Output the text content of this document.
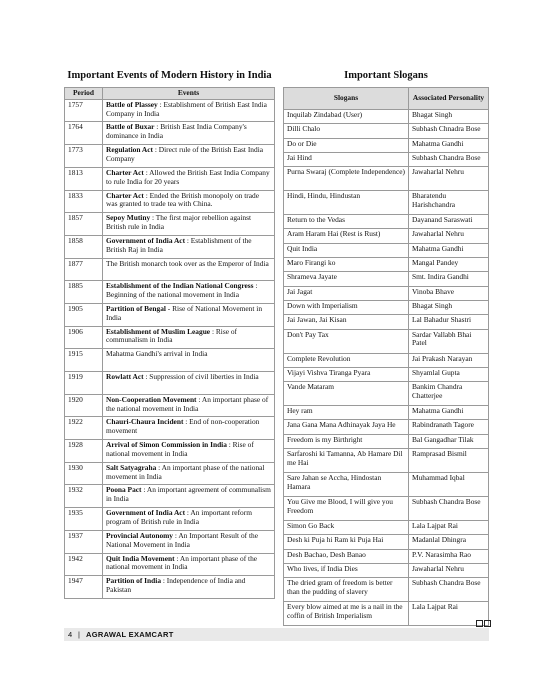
Important Events of Modern History in India
Period	Events
1757	Battle of Plassey : Establishment of British East India Company in India
1764	Battle of Buxar : British East India Company's dominance in India
1773	Regulation Act : Direct rule of the British East India Company
1813	Charter Act : Allowed the British East India Company to rule India for 20 years
1833	Charter Act : Ended the British monopoly on trade was granted to trade tea with China.
1857	Sepoy Mutiny : The first major rebellion against British rule in India
1858	Government of India Act : Establishment of the British Raj in India
1877	The British monarch took over as the Emperor of India
1885	Establishment of the Indian National Congress : Beginning of the national movement in India
1905	Partition of Bengal - Rise of National Movement in India
1906	Establishment of Muslim League : Rise of communalism in India
1915	Mahatma Gandhi's arrival in India
1919	Rowlatt Act : Suppression of civil liberties in India
1920	Non-Cooperation Movement : An important phase of the national movement in India
1922	Chauri-Chaura Incident : End of non-cooperation movement
1928	Arrival of Simon Commission in India : Rise of national movement in India
1930	Salt Satyagraha : An important phase of the national movement in India
1932	Poona Pact : An important agreement of communalism in India
1935	Government of India Act : An important reform program of British rule in India
1937	Provincial Autonomy : An Important Result of the National Movement in India
1942	Quit India Movement : An important phase of the national movement in India
1947	Partition of India : Independence of India and Pakistan
Important Slogans
Slogans	Associated Personality
Inquilab Zindabad (User)	Bhagat Singh
Dilli Chalo	Subhash Chnadra Bose
Do or Die	Mahatma Gandhi
Jai Hind	Subhash Chandra Bose
Purna Swaraj (Complete Independence)	Jawaharlal Nehru
Hindi, Hindu, Hindustan	Bharatendu Harishchandra
Return to the Vedas	Dayanand Saraswati
Aram Haram Hai (Rest is Rust)	Jawaharlal Nehru
Quit India	Mahatma Gandhi
Maro Firangi ko	Mangal Pandey
Shrameva Jayate	Smt. Indira Gandhi
Jai Jagat	Vinoba Bhave
Down with Imperialism	Bhagat Singh
Jai Jawan, Jai Kisan	Lal Bahadur Shastri
Don't Pay Tax	Sardar Vallabh Bhai Patel
Complete Revolution	Jai Prakash Narayan
Vijayi Vishva Tiranga Pyara	Shyamlal Gupta
Vande Mataram	Bankim Chandra Chatterjee
Hey ram	Mahatma Gandhi
Jana Gana Mana Adhinayak Jaya He	Rabindranath Tagore
Freedom is my Birthright	Bal Gangadhar Tilak
Sarfaroshi ki Tamanna, Ab Hamare Dil me Hai	Ramprasad Bismil
Sare Jahan se Accha, Hindostan Hamara	Muhammad Iqbal
You Give me Blood, I will give you Freedom	Subhash Chandra Bose
Simon Go Back	Lala Lajpat Rai
Desh ki Puja hi Ram ki Puja Hai	Madanlal Dhingra
Desh Bachao, Desh Banao	P.V. Narasimha Rao
Who lives, if India Dies	Jawaharlal Nehru
The dried gram of freedom is better than the pudding of slavery	Subhash Chandra Bose
Every blow aimed at me is a nail in the coffin of British Imperialism	Lala Lajpat Rai
4 | AGRAWAL EXAMCART
